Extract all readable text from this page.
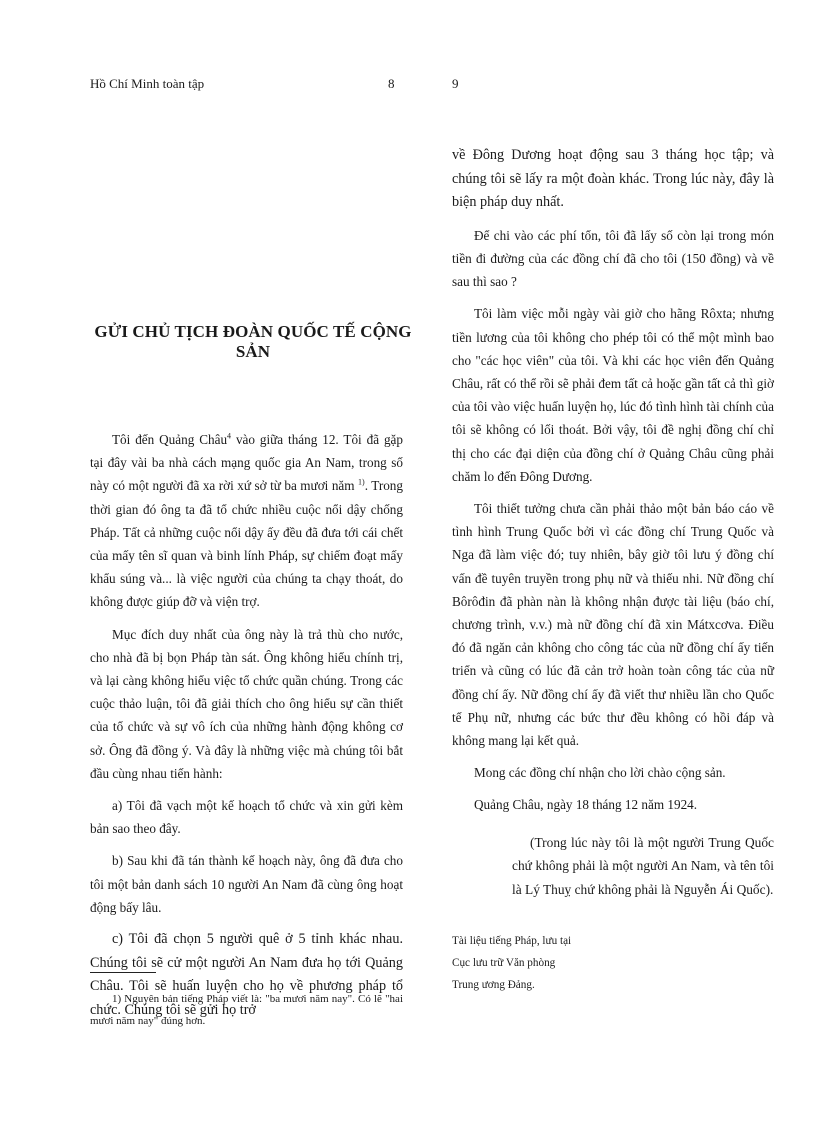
Hồ Chí Minh toàn tập	8
GỬI CHỦ TỊCH ĐOÀN QUỐC TẾ CỘNG SẢN

Tôi đến Quảng Châu$^4$ vào giữa tháng 12. Tôi đã gặp tại đây vài ba nhà cách mạng quốc gia An Nam, trong số này có một người đã xa rời xứ sở từ ba mươi năm $^{1)}$. Trong thời gian đó ông ta đã tổ chức nhiều cuộc nổi dậy chống Pháp. Tất cả những cuộc nổi dậy ấy đều đã đưa tới cái chết của mấy tên sĩ quan và binh lính Pháp, sự chiếm đoạt mấy khẩu súng và... là việc người của chúng ta chạy thoát, do không được giúp đỡ và viện trợ.

Mục đích duy nhất của ông này là trả thù cho nước, cho nhà đã bị bọn Pháp tàn sát. Ông không hiểu chính trị, và lại càng không hiểu việc tổ chức quần chúng. Trong các cuộc thảo luận, tôi đã giải thích cho ông hiểu sự cần thiết của tổ chức và sự vô ích của những hành động không cơ sở. Ông đã đồng ý. Và đây là những việc mà chúng tôi bắt đầu cùng nhau tiến hành:

a) Tôi đã vạch một kế hoạch tổ chức và xin gửi kèm bản sao theo đây.

b) Sau khi đã tán thành kế hoạch này, ông đã đưa cho tôi một bản danh sách 10 người An Nam đã cùng ông hoạt động bấy lâu.

c) Tôi đã chọn 5 người quê ở 5 tỉnh khác nhau. Chúng tôi sẽ cử một người An Nam đưa họ tới Quảng Châu. Tôi sẽ huấn luyện cho họ về phương pháp tổ chức. Chúng tôi sẽ gửi họ trở

1) Nguyên bản tiếng Pháp viết là: "ba mươi năm nay". Có lẽ "hai mươi năm nay" đúng hơn.
9

về Đông Dương hoạt động sau 3 tháng học tập; và chúng tôi sẽ lấy ra một đoàn khác. Trong lúc này, đây là biện pháp duy nhất.

Để chi vào các phí tổn, tôi đã lấy số còn lại trong món tiền đi đường của các đồng chí đã cho tôi (150 đồng) và về sau thì sao ?

Tôi làm việc mỗi ngày vài giờ cho hãng Rôxta; nhưng tiền lương của tôi không cho phép tôi có thể một mình bao cho "các học viên" của tôi. Và khi các học viên đến Quảng Châu, rất có thể rồi sẽ phải đem tất cả hoặc gần tất cả thì giờ của tôi vào việc huấn luyện họ, lúc đó tình hình tài chính của tôi sẽ không có lối thoát. Bởi vậy, tôi đề nghị đồng chí chỉ thị cho các đại diện của đồng chí ở Quảng Châu cũng phải chăm lo đến Đông Dương.

Tôi thiết tưởng chưa cần phải thảo một bản báo cáo về tình hình Trung Quốc bởi vì các đồng chí Trung Quốc và Nga đã làm việc đó; tuy nhiên, bây giờ tôi lưu ý đồng chí vấn đề tuyên truyền trong phụ nữ và thiếu nhi. Nữ đồng chí Bôrôđin đã phàn nàn là không nhận được tài liệu (báo chí, chương trình, v.v.) mà nữ đồng chí đã xin Mátxcơva. Điều đó đã ngăn cản không cho công tác của nữ đồng chí ấy tiến triển và cũng có lúc đã cản trở hoàn toàn công tác của nữ đồng chí ấy. Nữ đồng chí ấy đã viết thư nhiều lần cho Quốc tế Phụ nữ, nhưng các bức thư đều không có hồi đáp và không mang lại kết quả.

Mong các đồng chí nhận cho lời chào cộng sản.

Quảng Châu, ngày 18 tháng 12 năm 1924.

(Trong lúc này tôi là một người Trung Quốc chứ không phải là một người An Nam, và tên tôi là Lý Thuỵ chứ không phải là Nguyễn Ái Quốc).

Tài liệu tiếng Pháp, lưu tại
Cục lưu trữ Văn phòng
Trung ương Đảng.
